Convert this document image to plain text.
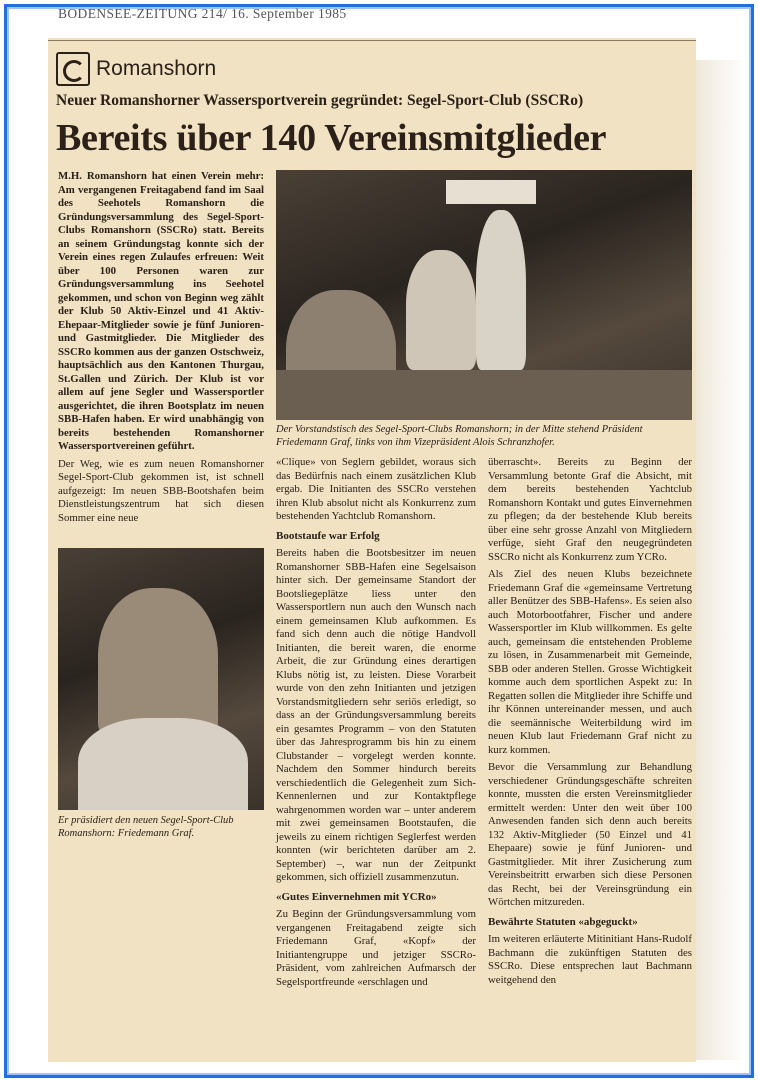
BODENSEE-ZEITUNG 214/ 16. September 1985
Romanshorn
Neuer Romanshorner Wassersportverein gegründet: Segel-Sport-Club (SSCRo)
Bereits über 140 Vereinsmitglieder

M.H. Romanshorn hat einen Verein mehr: Am vergangenen Freitagabend fand im Saal des Seehotels Romanshorn die Gründungsversammlung des Segel-Sport-Clubs Romanshorn (SSCRo) statt. Bereits an seinem Gründungstag konnte sich der Verein eines regen Zulaufes erfreuen: Weit über 100 Personen waren zur Gründungsversammlung ins Seehotel gekommen, und schon von Beginn weg zählt der Klub 50 Aktiv-Einzel und 41 Aktiv-Ehepaar-Mitglieder sowie je fünf Junioren- und Gastmitglieder. Die Mitglieder des SSCRo kommen aus der ganzen Ostschweiz, hauptsächlich aus den Kantonen Thurgau, St.Gallen und Zürich. Der Klub ist vor allem auf jene Segler und Wassersportler ausgerichtet, die ihren Bootsplatz im neuen SBB-Hafen haben. Er wird unabhängig von bereits bestehenden Romanshorner Wassersportvereinen geführt.

Der Weg, wie es zum neuen Romanshorner Segel-Sport-Club gekommen ist, ist schnell aufgezeigt: Im neuen SBB-Bootshafen beim Dienstleistungszentrum hat sich diesen Sommer eine neue

Er präsidiert den neuen Segel-Sport-Club Romanshorn: Friedemann Graf.
Der Vorstandstisch des Segel-Sport-Clubs Romanshorn; in der Mitte stehend Präsident Friedemann Graf, links von ihm Vizepräsident Alois Schranzhofer.

«Clique» von Seglern gebildet, woraus sich das Bedürfnis nach einem zusätzlichen Klub ergab. Die Initianten des SSCRo verstehen ihren Klub absolut nicht als Konkurrenz zum bestehenden Yachtclub Romanshorn.

Bootstaufe war Erfolg

Bereits haben die Bootsbesitzer im neuen Romanshorner SBB-Hafen eine Segelsaison hinter sich. Der gemeinsame Standort der Bootsliegeplätze liess unter den Wassersportlern nun auch den Wunsch nach einem gemeinsamen Klub aufkommen. Es fand sich denn auch die nötige Handvoll Initianten, die bereit waren, die enorme Arbeit, die zur Gründung eines derartigen Klubs nötig ist, zu leisten. Diese Vorarbeit wurde von den zehn Initianten und jetzigen Vorstandsmitgliedern sehr seriös erledigt, so dass an der Gründungsversammlung bereits ein gesamtes Programm – von den Statuten über das Jahresprogramm bis hin zu einem Clubstander – vorgelegt werden konnte. Nachdem den Sommer hindurch bereits verschiedentlich die Gelegenheit zum Sich-Kennenlernen und zur Kontaktpflege wahrgenommen worden war – unter anderem mit zwei gemeinsamen Bootstaufen, die jeweils zu einem richtigen Seglerfest werden konnten (wir berichteten darüber am 2. September) –, war nun der Zeitpunkt gekommen, sich offiziell zusammenzutun.

«Gutes Einvernehmen mit YCRo»

Zu Beginn der Gründungsversammlung vom vergangenen Freitagabend zeigte sich Friedemann Graf, «Kopf» der Initiantengruppe und jetziger SSCRo-Präsident, vom zahlreichen Aufmarsch der Segelsportfreunde «erschlagen und

überrascht». Bereits zu Beginn der Versammlung betonte Graf die Absicht, mit dem bereits bestehenden Yachtclub Romanshorn Kontakt und gutes Einvernehmen zu pflegen; da der bestehende Klub bereits über eine sehr grosse Anzahl von Mitgliedern verfüge, sieht Graf den neugegründeten SSCRo nicht als Konkurrenz zum YCRo.

Als Ziel des neuen Klubs bezeichnete Friedemann Graf die «gemeinsame Vertretung aller Benützer des SBB-Hafens». Es seien also auch Motorbootfahrer, Fischer und andere Wassersportler im Klub willkommen. Es gelte auch, gemeinsam die entstehenden Probleme zu lösen, in Zusammenarbeit mit Gemeinde, SBB oder anderen Stellen. Grosse Wichtigkeit komme auch dem sportlichen Aspekt zu: In Regatten sollen die Mitglieder ihre Schiffe und ihr Können untereinander messen, und auch die seemännische Weiterbildung wird im neuen Klub laut Friedemann Graf nicht zu kurz kommen.

Bevor die Versammlung zur Behandlung verschiedener Gründungsgeschäfte schreiten konnte, mussten die ersten Vereinsmitglieder ermittelt werden: Unter den weit über 100 Anwesenden fanden sich denn auch bereits 132 Aktiv-Mitglieder (50 Einzel und 41 Ehepaare) sowie je fünf Junioren- und Gastmitglieder. Mit ihrer Zusicherung zum Vereinsbeitritt erwarben sich diese Personen das Recht, bei der Vereinsgründung ein Wörtchen mitzureden.

Bewährte Statuten «abgeguckt»

Im weiteren erläuterte Mitinitiant Hans-Rudolf Bachmann die zukünftigen Statuten des SSCRo. Diese entsprechen laut Bachmann weitgehend den
